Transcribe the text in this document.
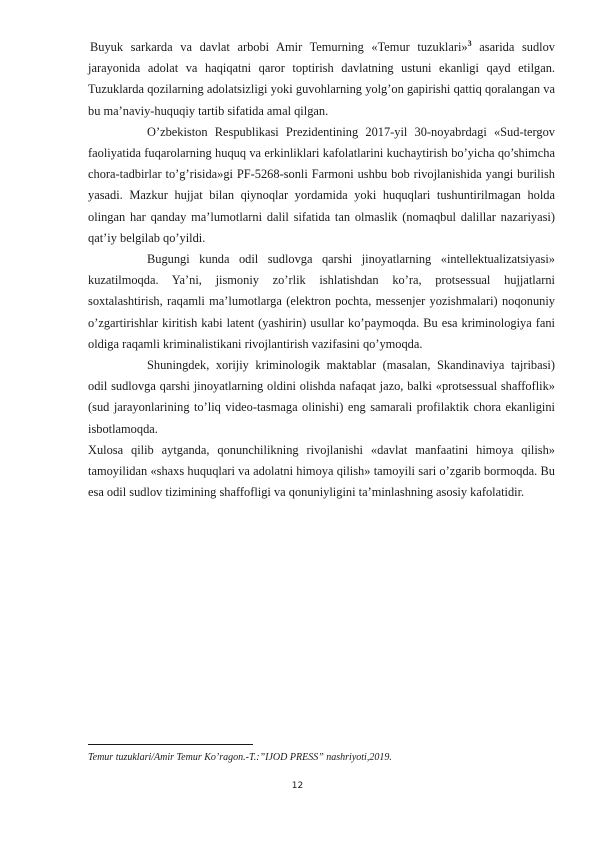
Buyuk sarkarda va davlat arbobi Amir Temurning «Temur tuzuklari»$^3$ asarida sudlov jarayonida adolat va haqiqatni qaror toptirish davlatning ustuni ekanligi qayd etilgan. Tuzuklarda qozilarning adolatsizligi yoki guvohlarning yolg’on gapirishi qattiq qoralangan va bu ma’naviy-huquqiy tartib sifatida amal qilgan.

O’zbekiston Respublikasi Prezidentining 2017-yil 30-noyabrdagi «Sud-tergov faoliyatida fuqarolarning huquq va erkinliklari kafolatlarini kuchaytirish bo’yicha qo’shimcha chora-tadbirlar to’g’risida»gi PF-5268-sonli Farmoni ushbu bob rivojlanishida yangi burilish yasadi. Mazkur hujjat bilan qiynoqlar yordamida yoki huquqlari tushuntirilmagan holda olingan har qanday ma’lumotlarni dalil sifatida tan olmaslik (nomaqbul dalillar nazariyasi) qat’iy belgilab qo’yildi.

Bugungi kunda odil sudlovga qarshi jinoyatlarning «intellektualizatsiyasi» kuzatilmoqda. Ya’ni, jismoniy zo’rlik ishlatishdan ko’ra, protsessual hujjatlarni soxtalashtirish, raqamli ma’lumotlarga (elektron pochta, messenjer yozishmalari) noqonuniy o’zgartirishlar kiritish kabi latent (yashirin) usullar ko’paymoqda. Bu esa kriminologiya fani oldiga raqamli kriminalistikani rivojlantirish vazifasini qo’ymoqda.

Shuningdek, xorijiy kriminologik maktablar (masalan, Skandinaviya tajribasi) odil sudlovga qarshi jinoyatlarning oldini olishda nafaqat jazo, balki «protsessual shaffoflik» (sud jarayonlarining to’liq video-tasmaga olinishi) eng samarali profilaktik chora ekanligini isbotlamoqda.

Xulosa qilib aytganda, qonunchilikning rivojlanishi «davlat manfaatini himoya qilish» tamoyilidan «shaxs huquqlari va adolatni himoya qilish» tamoyili sari o’zgarib bormoqda. Bu esa odil sudlov tizimining shaffofligi va qonuniyligini ta’minlashning asosiy kafolatidir.

Temur tuzuklari/Amir Temur Ko’ragon.-T.:”IJOD PRESS” nashriyoti,2019.
12
